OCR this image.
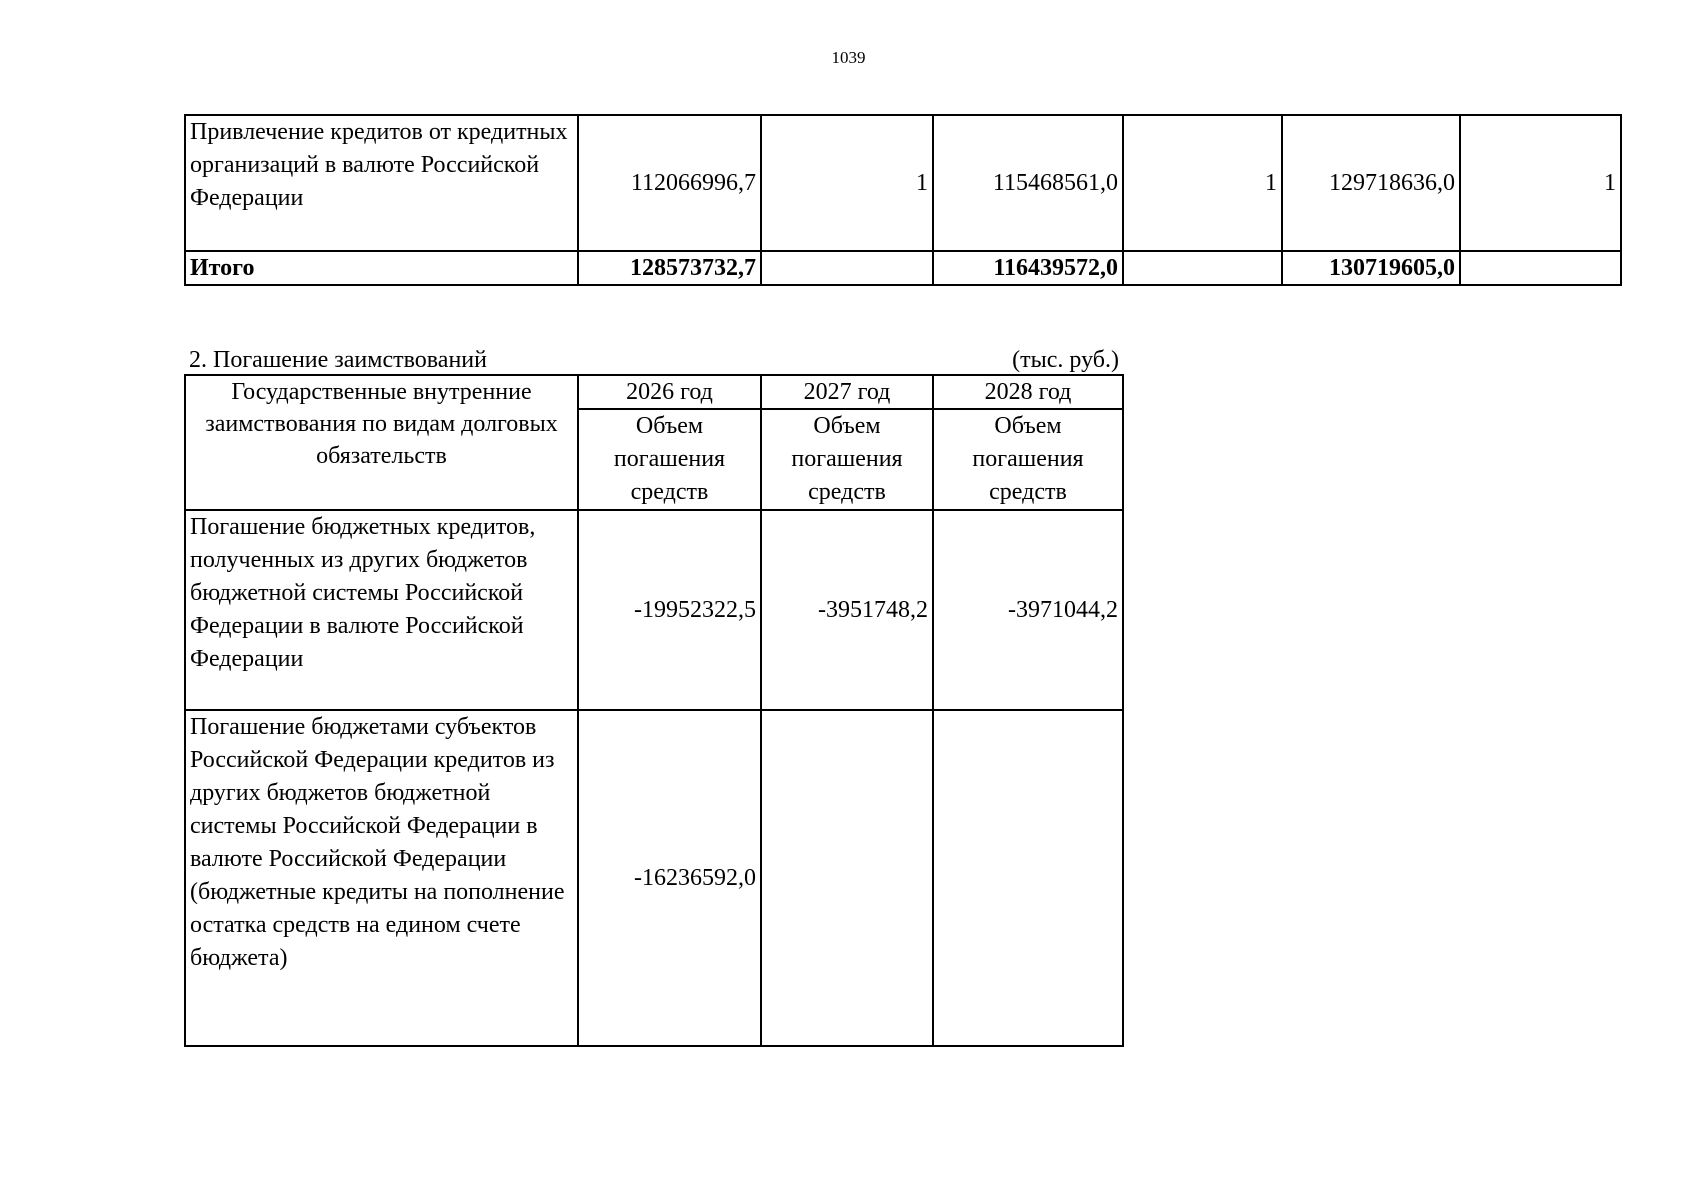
1039
Привлечение кредитов от кредитных организаций в валюте Российской Федерации	112066996,7	1	115468561,0	1	129718636,0	1
Итого	128573732,7		116439572,0		130719605,0	
2. Погашение заимствований	(тыс. руб.)
Государственные внутренние заимствования по видам долговых обязательств	2026 год	2027 год	2028 год
	Объем погашения средств	Объем погашения средств	Объем погашения средств
Погашение бюджетных кредитов, полученных из других бюджетов бюджетной системы Российской Федерации в валюте Российской Федерации	-19952322,5	-3951748,2	-3971044,2
Погашение бюджетами субъектов Российской Федерации кредитов из других бюджетов бюджетной системы Российской Федерации в валюте Российской Федерации (бюджетные кредиты на пополнение остатка средств на едином счете бюджета)	-16236592,0		
